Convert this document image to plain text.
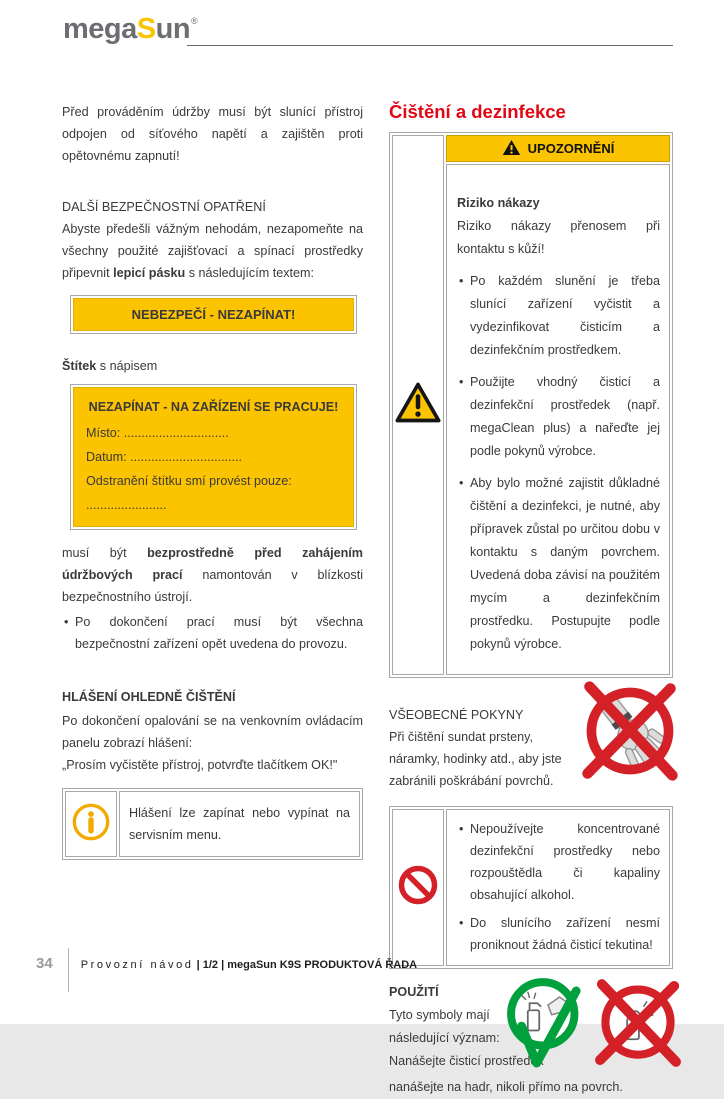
megaSun®
Před prováděním údržby musí být slunící přístroj odpojen od síťového napětí a zajištěn proti opětovnému zapnutí!
DALŠÍ BEZPEČNOSTNÍ OPATŘENÍ
Abyste předešli vážným nehodám, nezapomeňte na všechny použité zajišťovací a spínací prostředky připevnit lepicí pásku s následujícím textem:
NEBEZPEČÍ - NEZAPÍNAT!
Štítek s nápisem
NEZAPÍNAT - NA ZAŘÍZENÍ SE PRACUJE!
Místo: ..............................
Datum: ................................
Odstranění štítku smí provést pouze:
.......................
musí být bezprostředně před zahájením údržbových prací namontován v blízkosti bezpečnostního ústrojí.
• Po dokončení prací musí být všechna bezpečnostní zařízení opět uvedena do provozu.
HLÁŠENÍ OHLEDNĚ ČIŠTĚNÍ
Po dokončení opalování se na venkovním ovládacím panelu zobrazí hlášení:
„Prosím vyčistěte přístroj, potvrďte tlačítkem OK!"
Hlášení lze zapínat nebo vypínat na servisním menu.
Čištění a dezinfekce
UPOZORNĚNÍ
Riziko nákazy
Riziko nákazy přenosem při kontaktu s kůží!
• Po každém slunění je třeba slunící zařízení vyčistit a vydezinfikovat čisticím a dezinfekčním prostředkem.
• Použijte vhodný čisticí a dezinfekční prostředek (např. megaClean plus) a nařeďte jej podle pokynů výrobce.
• Aby bylo možné zajistit důkladné čištění a dezinfekci, je nutné, aby přípravek zůstal po určitou dobu v kontaktu s daným povrchem. Uvedená doba závisí na použitém mycím a dezinfekčním prostředku. Postupujte podle pokynů výrobce.
VŠEOBECNÉ POKYNY
Při čištění sundat prsteny, náramky, hodinky atd., aby jste zabránili poškrábání povrchů.
• Nepoužívejte koncentrované dezinfekční prostředky nebo rozpouštědla či kapaliny obsahující alkohol.
• Do slunícího zařízení nesmí proniknout žádná čisticí tekutina!
POUŽITÍ
Tyto symboly mají
následující význam:
Nanášejte čisticí prostředek
nanášejte na hadr, nikoli přímo na povrch.
34	Provozní návod | 1/2 | megaSun K9S PRODUKTOVÁ ŘADA
